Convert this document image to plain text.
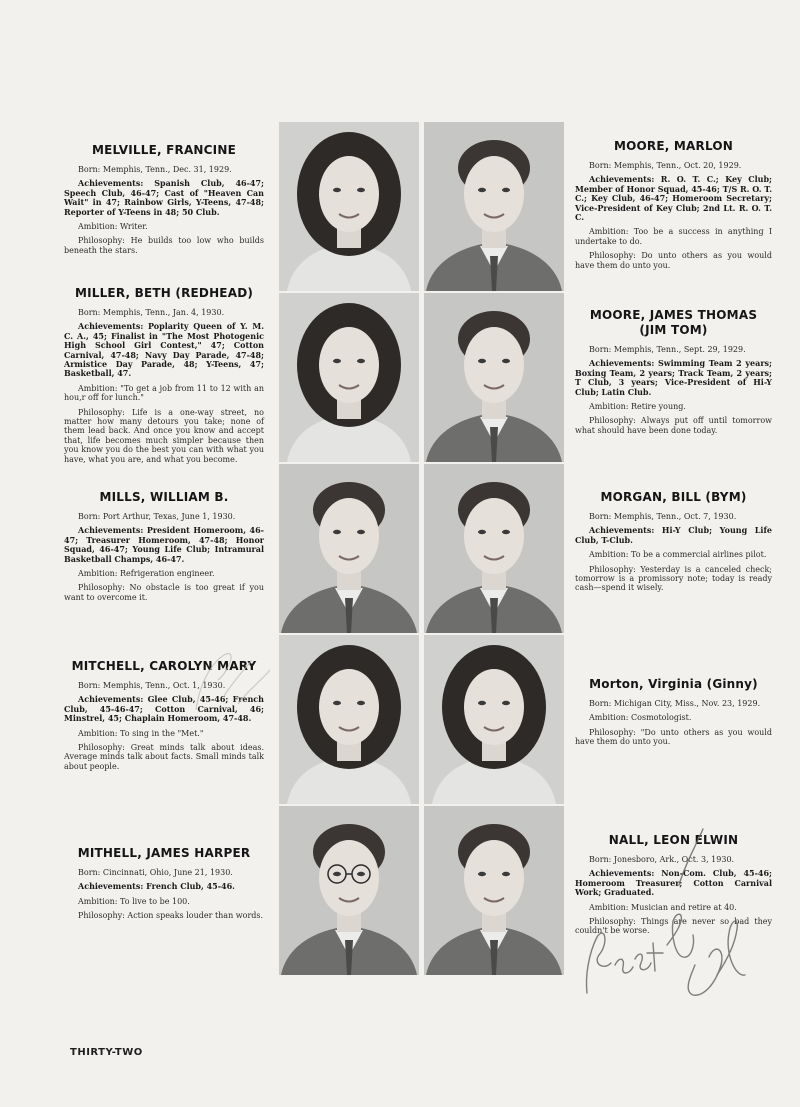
MELVILLE, FRANCINE

Born: Memphis, Tenn., Dec. 31, 1929.

Achievements: Spanish Club, 46-47; Speech Club, 46-47; Cast of "Heaven Can Wait" in 47; Rainbow Girls, Y-Teens, 47-48; Reporter of Y-Teens in 48; 50 Club.

Ambition: Writer.

Philosophy: He builds too low who builds beneath the stars.

MILLER, BETH (REDHEAD)

Born: Memphis, Tenn., Jan. 4, 1930.

Achievements: Poplarity Queen of Y. M. C. A., 45; Finalist in "The Most Photogenic High School Girl Contest," 47; Cotton Carnival, 47-48; Navy Day Parade, 47-48; Armistice Day Parade, 48; Y-Teens, 47; Basketball, 47.

Ambition: "To get a job from 11 to 12 with an hou,r off for lunch."

Philosophy: Life is a one-way street, no matter how many detours you take; none of them lead back. And once you know and accept that, life becomes much simpler because then you know you do the best you can with what you have, what you are, and what you become.

MILLS, WILLIAM B.

Born: Port Arthur, Texas, June 1, 1930.

Achievements: President Homeroom, 46-47; Treasurer Homeroom, 47-48; Honor Squad, 46-47; Young Life Club; Intramural Basketball Champs, 46-47.

Ambition: Refrigeration engineer.

Philosophy: No obstacle is too great if you want to overcome it.

MITCHELL, CAROLYN MARY

Born: Memphis, Tenn., Oct. 1, 1930.

Achievements: Glee Club, 45-46; French Club, 45-46-47; Cotton Carnival, 46; Minstrel, 45; Chaplain Homeroom, 47-48.

Ambition: To sing in the "Met."

Philosophy: Great minds talk about ideas. Average minds talk about facts. Small minds talk about people.

MITHELL, JAMES HARPER

Born: Cincinnati, Ohio, June 21, 1930.

Achievements: French Club, 45-46.

Ambition: To live to be 100.

Philosophy: Action speaks louder than words.

MOORE, MARLON

Born: Memphis, Tenn., Oct. 20, 1929.

Achievements: R. O. T. C.; Key Club; Member of Honor Squad, 45-46; T/S R. O. T. C.; Key Club, 46-47; Homeroom Secretary; Vice-President of Key Club; 2nd Lt. R. O. T. C.

Ambition: Too be a success in anything I undertake to do.

Philosophy: Do unto others as you would have them do unto you.

MOORE, JAMES THOMAS (JIM TOM)

Born: Memphis, Tenn., Sept. 29, 1929.

Achievements: Swimming Team 2 years; Boxing Team, 2 years; Track Team, 2 years; T Club, 3 years; Vice-President of Hi-Y Club; Latin Club.

Ambition: Retire young.

Philosophy: Always put off until tomorrow what should have been done today.

MORGAN, BILL (BYM)

Born: Memphis, Tenn., Oct. 7, 1930.

Achievements: Hi-Y Club; Young Life Club, T-Club.

Ambition: To be a commercial airlines pilot.

Philosophy: Yesterday is a canceled check; tomorrow is a promissory note; today is ready cash—spend it wisely.

Morton, Virginia (Ginny)

Born: Michigan City, Miss., Nov. 23, 1929.

Ambition: Cosmotologist.

Philosophy: "Do unto others as you would have them do unto you.

NALL, LEON ELWIN

Born: Jonesboro, Ark., Oct. 3, 1930.

Achievements: Non-Com. Club, 45-46; Homeroom Treasurer; Cotton Carnival Work; Graduated.

Ambition: Musician and retire at 40.

Philosophy: Things are never so bad they couldn't be worse.

THIRTY-TWO
